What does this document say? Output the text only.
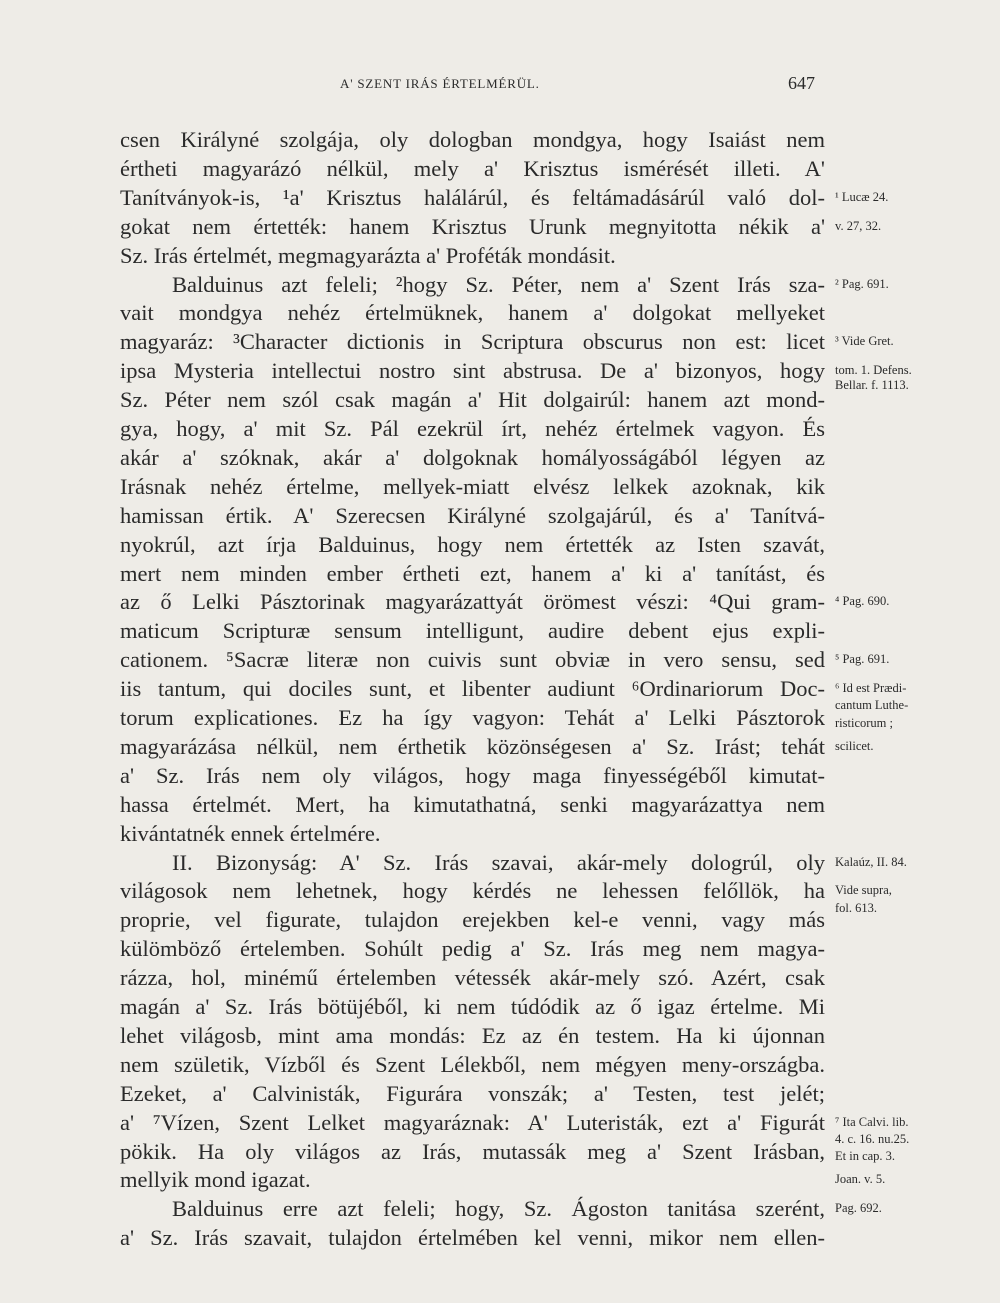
A' SZENT IRÁS ÉRTELMÉRÜL.	647
csen Királyné szolgája, oly dologban mondgya, hogy Isaiást nem
értheti magyarázó nélkül, mely a' Krisztus ismérését illeti. A'
Tanítványok-is, ¹a' Krisztus halálárúl, és feltámadásárúl való dol-
gokat nem értették: hanem Krisztus Urunk megnyitotta nékik a'
Sz. Irás értelmét, megmagyarázta a' Proféták mondásit.
Balduinus azt feleli; ²hogy Sz. Péter, nem a' Szent Irás sza-
vait mondgya nehéz értelmüknek, hanem a' dolgokat mellyeket
magyaráz: ³Character dictionis in Scriptura obscurus non est: licet
ipsa Mysteria intellectui nostro sint abstrusa. De a' bizonyos, hogy
Sz. Péter nem szól csak magán a' Hit dolgairúl: hanem azt mond-
gya, hogy, a' mit Sz. Pál ezekrül írt, nehéz értelmek vagyon. És
akár a' szóknak, akár a' dolgoknak homályosságából légyen az
Irásnak nehéz értelme, mellyek-miatt elvész lelkek azoknak, kik
hamissan értik. A' Szerecsen Királyné szolgajárúl, és a' Tanítvá-
nyokrúl, azt írja Balduinus, hogy nem értették az Isten szavát,
mert nem minden ember értheti ezt, hanem a' ki a' tanítást, és
az ő Lelki Pásztorinak magyarázattyát örömest vészi: ⁴Qui gram-
maticum Scripturæ sensum intelligunt, audire debent ejus expli-
cationem. ⁵Sacræ literæ non cuivis sunt obviæ in vero sensu, sed
iis tantum, qui dociles sunt, et libenter audiunt ⁶Ordinariorum Doc-
torum explicationes. Ez ha így vagyon: Tehát a' Lelki Pásztorok
magyarázása nélkül, nem érthetik közönségesen a' Sz. Irást; tehát
a' Sz. Irás nem oly világos, hogy maga finyességéből kimutat-
hassa értelmét. Mert, ha kimutathatná, senki magyarázattya nem
kivántatnék ennek értelmére.
II. Bizonyság: A' Sz. Irás szavai, akár-mely dologrúl, oly
világosok nem lehetnek, hogy kérdés ne lehessen felőllök, ha
proprie, vel figurate, tulajdon erejekben kel-e venni, vagy más
külömböző értelemben. Sohúlt pedig a' Sz. Irás meg nem magya-
rázza, hol, minémű értelemben vétessék akár-mely szó. Azért, csak
magán a' Sz. Irás bötüjéből, ki nem túdódik az ő igaz értelme. Mi
lehet világosb, mint ama mondás: Ez az én testem. Ha ki újonnan
nem születik, Vízből és Szent Lélekből, nem mégyen meny-országba.
Ezeket, a' Calvinisták, Figurára vonszák; a' Testen, test jelét;
a' ⁷Vízen, Szent Lelket magyaráznak: A' Luteristák, ezt a' Figurát
pökik. Ha oly világos az Irás, mutassák meg a' Szent Irásban,
mellyik mond igazat.
Balduinus erre azt feleli; hogy, Sz. Ágoston tanitása szerént,
a' Sz. Irás szavait, tulajdon értelmében kel venni, mikor nem ellen-
¹ Lucæ 24.
v. 27, 32.
² Pag. 691.
³ Vide Gret.
tom. 1. Defens.
Bellar. f. 1113.
⁴ Pag. 690.
⁵ Pag. 691.
⁶ Id est Prædi-
cantum Luthe-
risticorum ;
scilicet.
Kalaúz, II. 84.
Vide supra,
fol. 613.
⁷ Ita Calvi. lib.
4. c. 16. nu.25.
Et in cap. 3.
Joan. v. 5.
Pag. 692.
